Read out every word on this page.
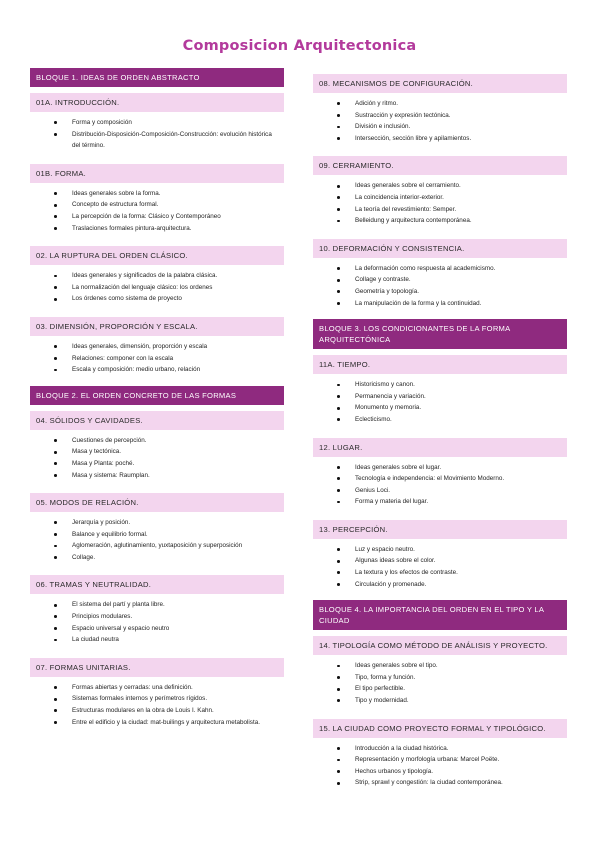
Composicion Arquitectonica
BLOQUE 1. IDEAS DE ORDEN ABSTRACTO
01A. INTRODUCCIÓN.
Forma y composición
Distribución-Disposición-Composición-Construcción: evolución histórica del término.
01B. FORMA.
Ideas generales sobre la forma.
Concepto de estructura formal.
La percepción de la forma: Clásico y Contemporáneo
Traslaciones formales pintura-arquitectura.
02. LA RUPTURA DEL ORDEN CLÁSICO.
Ideas generales y significados de la palabra clásica.
La normalización del lenguaje clásico: los ordenes
Los órdenes como sistema de proyecto
03. DIMENSIÓN, PROPORCIÓN Y ESCALA.
Ideas generales, dimensión, proporción y escala
Relaciones: componer con la escala
Escala y composición: medio urbano, relación
BLOQUE 2. EL ORDEN CONCRETO DE LAS FORMAS
04. SÓLIDOS Y CAVIDADES.
Cuestiones de percepción.
Masa y tectónica.
Masa y Planta: poché.
Masa y sistema: Raumplan.
05. MODOS DE RELACIÓN.
Jerarquía y posición.
Balance y equilibrio formal.
Aglomeración, aglutinamiento, yuxtaposición y superposición
Collage.
06. TRAMAS Y NEUTRALIDAD.
El sistema del partí y planta libre.
Principios modulares.
Espacio universal y espacio neutro
La ciudad neutra
07. FORMAS UNITARIAS.
Formas abiertas y cerradas: una definición.
Sistemas formales internos y perímetros rígidos.
Estructuras modulares en la obra de Louis I. Kahn.
Entre el edificio y la ciudad: mat-builings y arquitectura metabolista.
08. MECANISMOS DE CONFIGURACIÓN.
Adición y ritmo.
Sustracción y expresión tectónica.
División e inclusión.
Intersección, sección libre y apilamientos.
09. CERRAMIENTO.
Ideas generales sobre el cerramiento.
La coincidencia interior-exterior.
La teoría del revestimiento: Semper.
Belleidung y arquitectura contemporánea.
10. DEFORMACIÓN Y CONSISTENCIA.
La deformación como respuesta al academicismo.
Collage y contraste.
Geometría y topología.
La manipulación de la forma y la continuidad.
BLOQUE 3. LOS CONDICIONANTES DE LA FORMA ARQUITECTÓNICA
11A. TIEMPO.
Historicismo y canon.
Permanencia y variación.
Monumento y memoria.
Eclecticismo.
12. LUGAR.
Ideas generales sobre el lugar.
Tecnología e independencia: el Movimiento Moderno.
Genius Loci.
Forma y materia del lugar.
13. PERCEPCIÓN.
Luz y espacio neutro.
Algunas ideas sobre el color.
La textura y los efectos de contraste.
Circulación y promenade.
BLOQUE 4. LA IMPORTANCIA DEL ORDEN EN EL TIPO Y LA CIUDAD
14. TIPOLOGÍA COMO MÉTODO DE ANÁLISIS Y PROYECTO.
Ideas generales sobre el tipo.
Tipo, forma y función.
El tipo perfectible.
Tipo y modernidad.
15. LA CIUDAD COMO PROYECTO FORMAL Y TIPOLÓGICO.
Introducción a la ciudad histórica.
Representación y morfología urbana: Marcel Poëte.
Hechos urbanos y tipología.
Strip, sprawl y congestión: la ciudad contemporánea.
